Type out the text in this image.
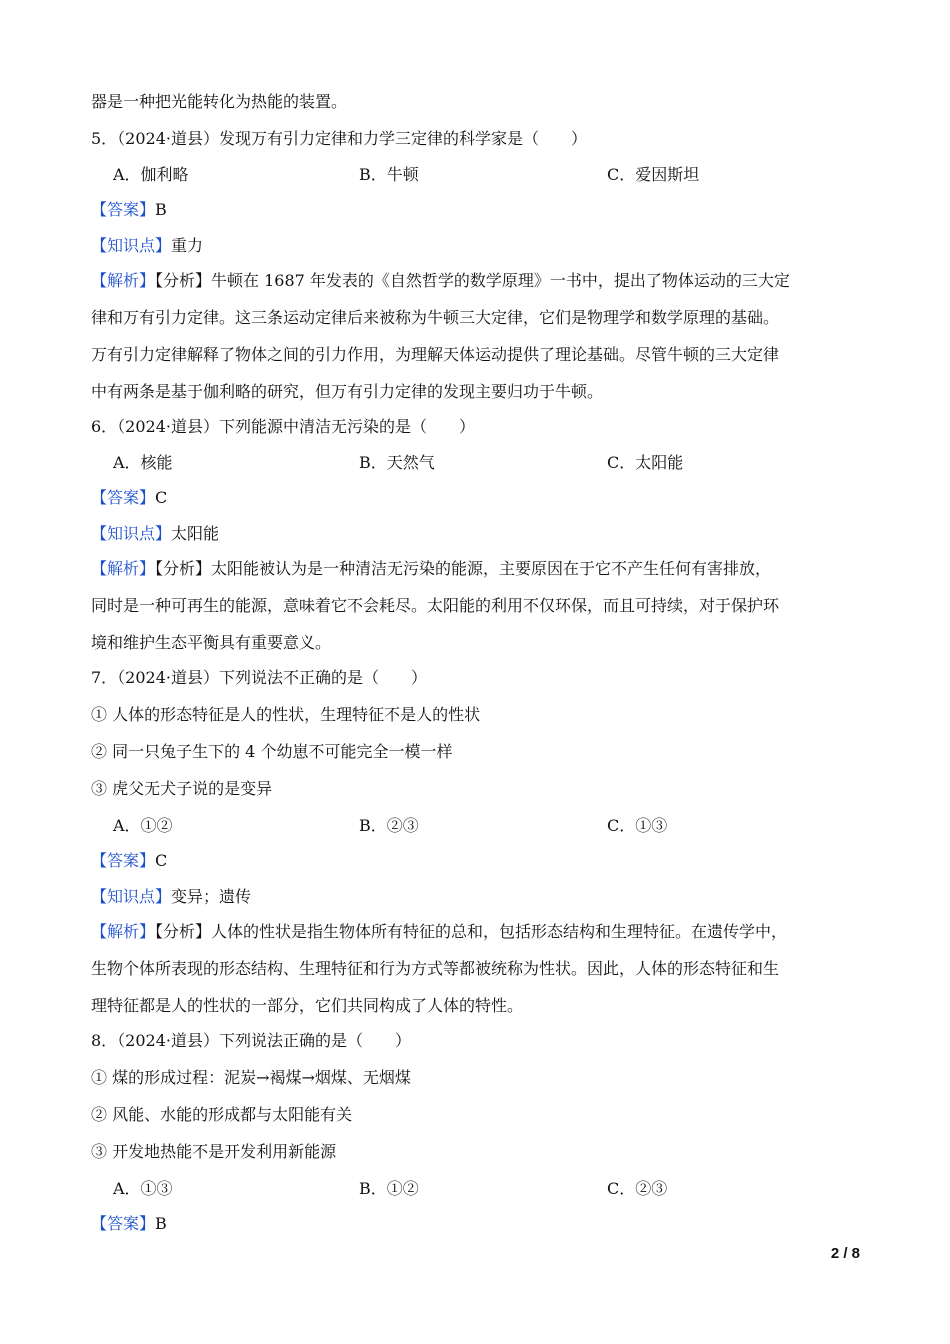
器是一种把光能转化为热能的装置。
5．（2024·道县）发现万有引力定律和力学三定律的科学家是（　　）
A．伽利略	B．牛顿	C．爱因斯坦
【答案】B
【知识点】重力
【解析】【分析】牛顿在 1687 年发表的《自然哲学的数学原理》一书中，提出了物体运动的三大定
律和万有引力定律。这三条运动定律后来被称为牛顿三大定律，它们是物理学和数学原理的基础。
万有引力定律解释了物体之间的引力作用，为理解天体运动提供了理论基础。尽管牛顿的三大定律
中有两条是基于伽利略的研究，但万有引力定律的发现主要归功于牛顿。
6．（2024·道县）下列能源中清洁无污染的是（　　）
A．核能	B．天然气	C．太阳能
【答案】C
【知识点】太阳能
【解析】【分析】太阳能被认为是一种清洁无污染的能源，主要原因在于它不产生任何有害排放，
同时是一种可再生的能源，意味着它不会耗尽。太阳能的利用不仅环保，而且可持续，对于保护环
境和维护生态平衡具有重要意义。
7．（2024·道县）下列说法不正确的是（　　）
① 人体的形态特征是人的性状，生理特征不是人的性状
② 同一只兔子生下的 4 个幼崽不可能完全一模一样
③ 虎父无犬子说的是变异
A．①②	B．②③	C．①③
【答案】C
【知识点】变异；遗传
【解析】【分析】人体的性状是指生物体所有特征的总和，包括形态结构和生理特征。在遗传学中，
生物个体所表现的形态结构、生理特征和行为方式等都被统称为性状。因此，人体的形态特征和生
理特征都是人的性状的一部分，它们共同构成了人体的特性。
8．（2024·道县）下列说法正确的是（　　）
① 煤的形成过程：泥炭→褐煤→烟煤、无烟煤
② 风能、水能的形成都与太阳能有关
③ 开发地热能不是开发利用新能源
A．①③	B．①②	C．②③
【答案】B
2 / 8
